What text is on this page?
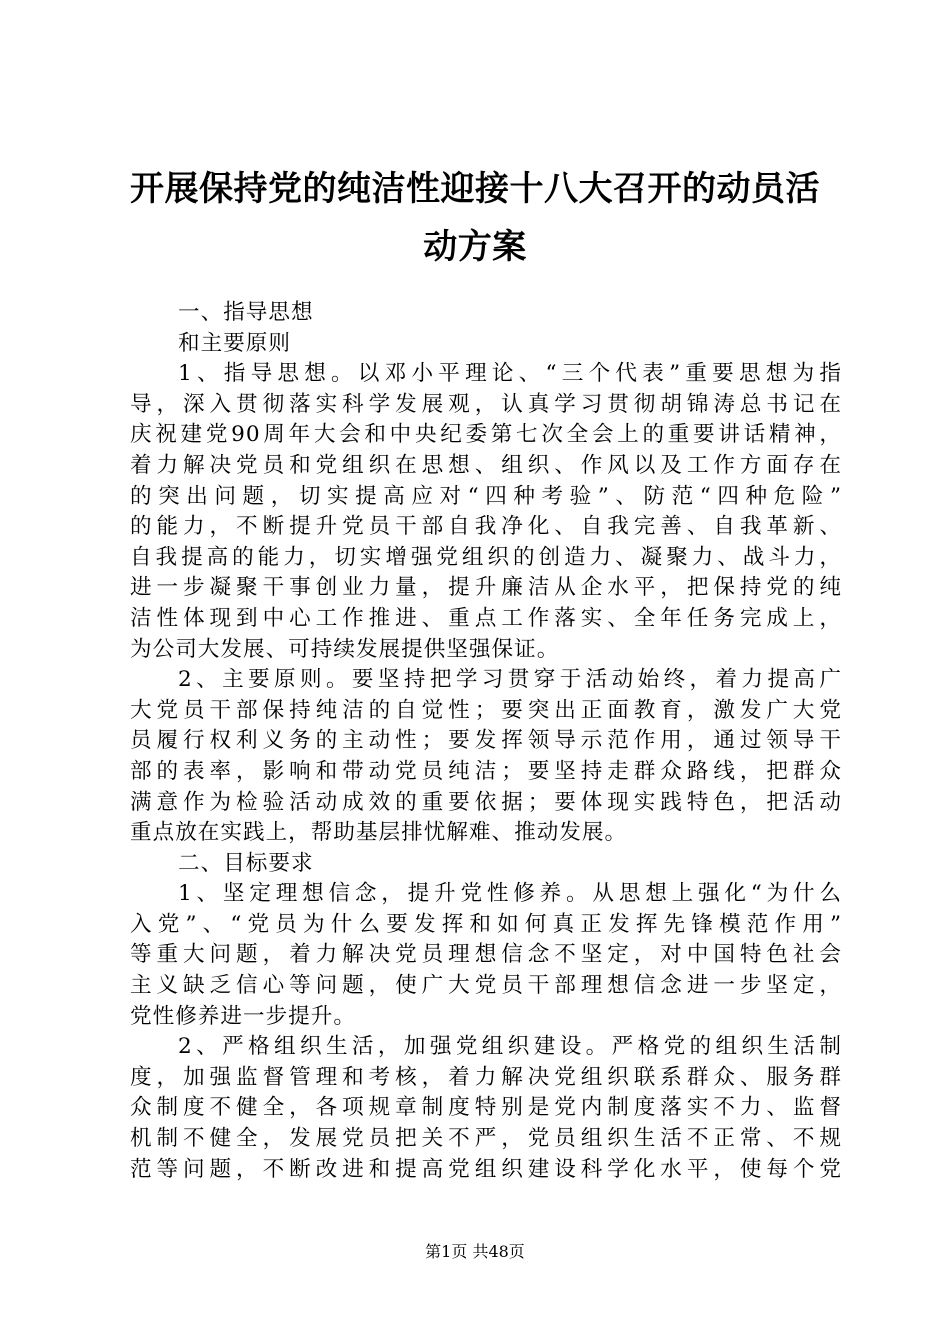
开展保持党的纯洁性迎接十八大召开的动员活
动方案
一、指导思想
和主要原则
1、指导思想。以邓小平理论、“三个代表”重要思想为指
导，深入贯彻落实科学发展观，认真学习贯彻胡锦涛总书记在
庆祝建党90周年大会和中央纪委第七次全会上的重要讲话精神，
着力解决党员和党组织在思想、组织、作风以及工作方面存在
的突出问题，切实提高应对“四种考验”、防范“四种危险”
的能力，不断提升党员干部自我净化、自我完善、自我革新、
自我提高的能力，切实增强党组织的创造力、凝聚力、战斗力，
进一步凝聚干事创业力量，提升廉洁从企水平，把保持党的纯
洁性体现到中心工作推进、重点工作落实、全年任务完成上，
为公司大发展、可持续发展提供坚强保证。
2、主要原则。要坚持把学习贯穿于活动始终，着力提高广
大党员干部保持纯洁的自觉性；要突出正面教育，激发广大党
员履行权利义务的主动性；要发挥领导示范作用，通过领导干
部的表率，影响和带动党员纯洁；要坚持走群众路线，把群众
满意作为检验活动成效的重要依据；要体现实践特色，把活动
重点放在实践上，帮助基层排忧解难、推动发展。
二、目标要求
1、坚定理想信念，提升党性修养。从思想上强化“为什么
入党”、“党员为什么要发挥和如何真正发挥先锋模范作用”
等重大问题，着力解决党员理想信念不坚定，对中国特色社会
主义缺乏信心等问题，使广大党员干部理想信念进一步坚定，
党性修养进一步提升。
2、严格组织生活，加强党组织建设。严格党的组织生活制
度，加强监督管理和考核，着力解决党组织联系群众、服务群
众制度不健全，各项规章制度特别是党内制度落实不力、监督
机制不健全，发展党员把关不严，党员组织生活不正常、不规
范等问题，不断改进和提高党组织建设科学化水平，使每个党
第1页 共48页
